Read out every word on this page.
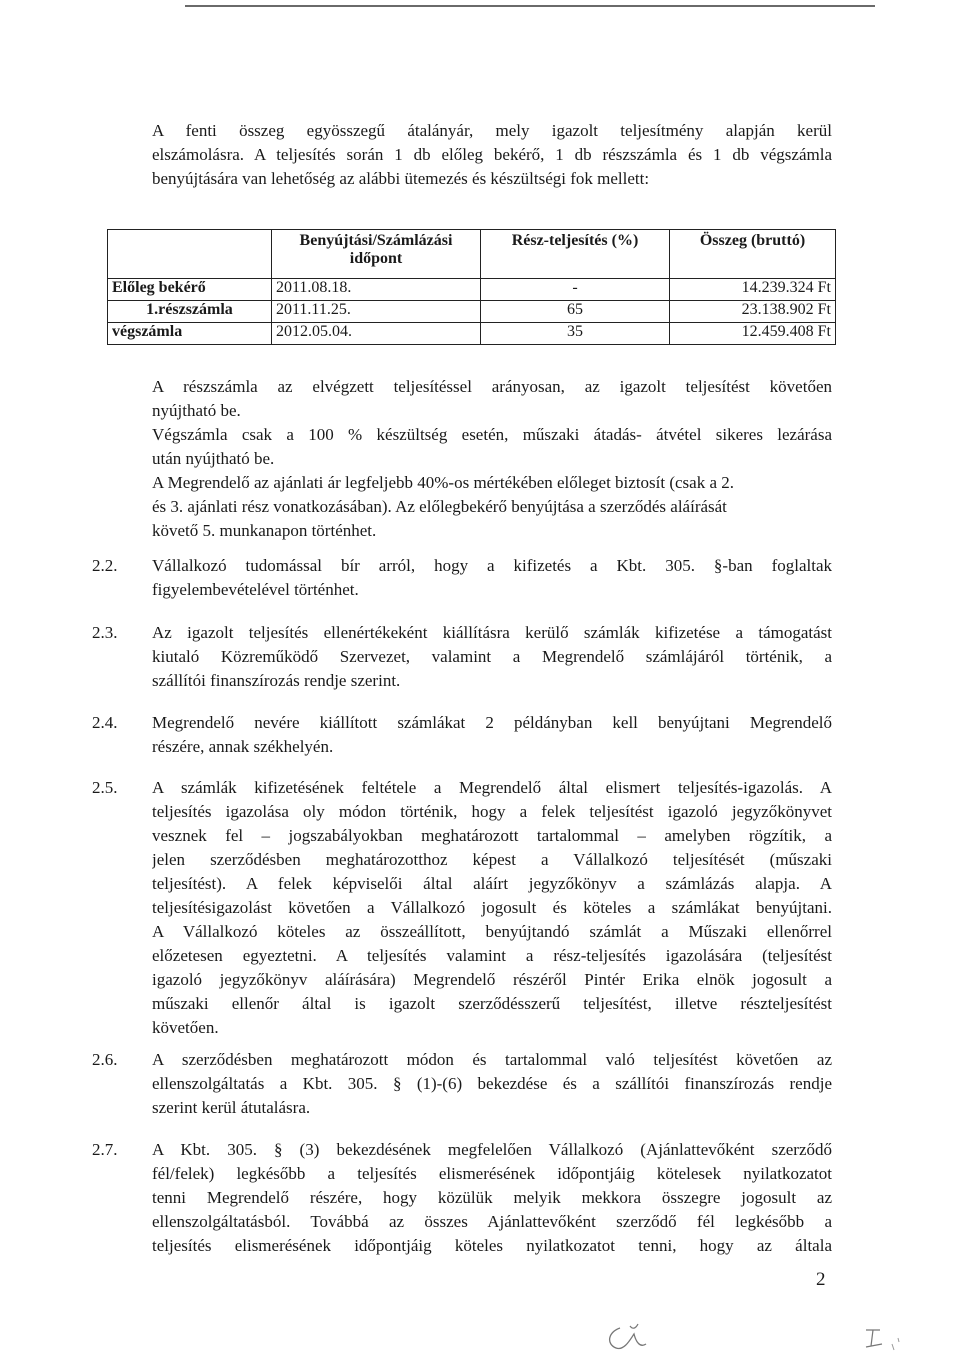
A fenti összeg egyösszegű átalányár, mely igazolt teljesítmény alapján kerül
elszámolásra. A teljesítés során 1 db előleg bekérő, 1 db részszámla és 1 db végszámla
benyújtására van lehetőség az alábbi ütemezés és készültségi fok mellett:
	Benyújtási/Számlázási időpont	Rész-teljesítés (%)	Összeg (bruttó)
Előleg bekérő	2011.08.18.	-	14.239.324 Ft
1.részszámla	2011.11.25.	65	23.138.902 Ft
végszámla	2012.05.04.	35	12.459.408 Ft
A részszámla az elvégzett teljesítéssel arányosan, az igazolt teljesítést követően
nyújtható be.
Végszámla csak a 100 % készültség esetén, műszaki átadás- átvétel sikeres lezárása
után nyújtható be.
A Megrendelő az ajánlati ár legfeljebb 40%-os mértékében előleget biztosít (csak a 2.
és 3. ajánlati rész vonatkozásában). Az előlegbekérő benyújtása a szerződés aláírását
követő 5. munkanapon történhet.
2.2. Vállalkozó tudomással bír arról, hogy a kifizetés a Kbt. 305. §-ban foglaltak
figyelembevételével történhet.
2.3. Az igazolt teljesítés ellenértékeként kiállításra kerülő számlák kifizetése a támogatást
kiutaló Közreműködő Szervezet, valamint a Megrendelő számlájáról történik, a
szállítói finanszírozás rendje szerint.
2.4. Megrendelő nevére kiállított számlákat 2 példányban kell benyújtani Megrendelő
részére, annak székhelyén.
2.5. A számlák kifizetésének feltétele a Megrendelő által elismert teljesítés-igazolás. A
teljesítés igazolása oly módon történik, hogy a felek teljesítést igazoló jegyzőkönyvet
vesznek fel – jogszabályokban meghatározott tartalommal – amelyben rögzítik, a
jelen szerződésben meghatározotthoz képest a Vállalkozó teljesítését (műszaki
teljesítést). A felek képviselői által aláírt jegyzőkönyv a számlázás alapja. A
teljesítésigazolást követően a Vállalkozó jogosult és köteles a számlákat benyújtani.
A Vállalkozó köteles az összeállított, benyújtandó számlát a Műszaki ellenőrrel
előzetesen egyeztetni. A teljesítés valamint a rész-teljesítés igazolására (teljesítést
igazoló jegyzőkönyv aláírására) Megrendelő részéről Pintér Erika elnök jogosult a
műszaki ellenőr által is igazolt szerződésszerű teljesítést, illetve részteljesítést
követően.
2.6. A szerződésben meghatározott módon és tartalommal való teljesítést követően az
ellenszolgáltatás a Kbt. 305. § (1)-(6) bekezdése és a szállítói finanszírozás rendje
szerint kerül átutalásra.
2.7. A Kbt. 305. § (3) bekezdésének megfelelően Vállalkozó (Ajánlattevőként szerződő
fél/felek) legkésőbb a teljesítés elismerésének időpontjáig kötelesek nyilatkozatot
tenni Megrendelő részére, hogy közülük melyik mekkora összegre jogosult az
ellenszolgáltatásból. Továbbá az összes Ajánlattevőként szerződő fél legkésőbb a
teljesítés elismerésének időpontjáig köteles nyilatkozatot tenni, hogy az általa
2
